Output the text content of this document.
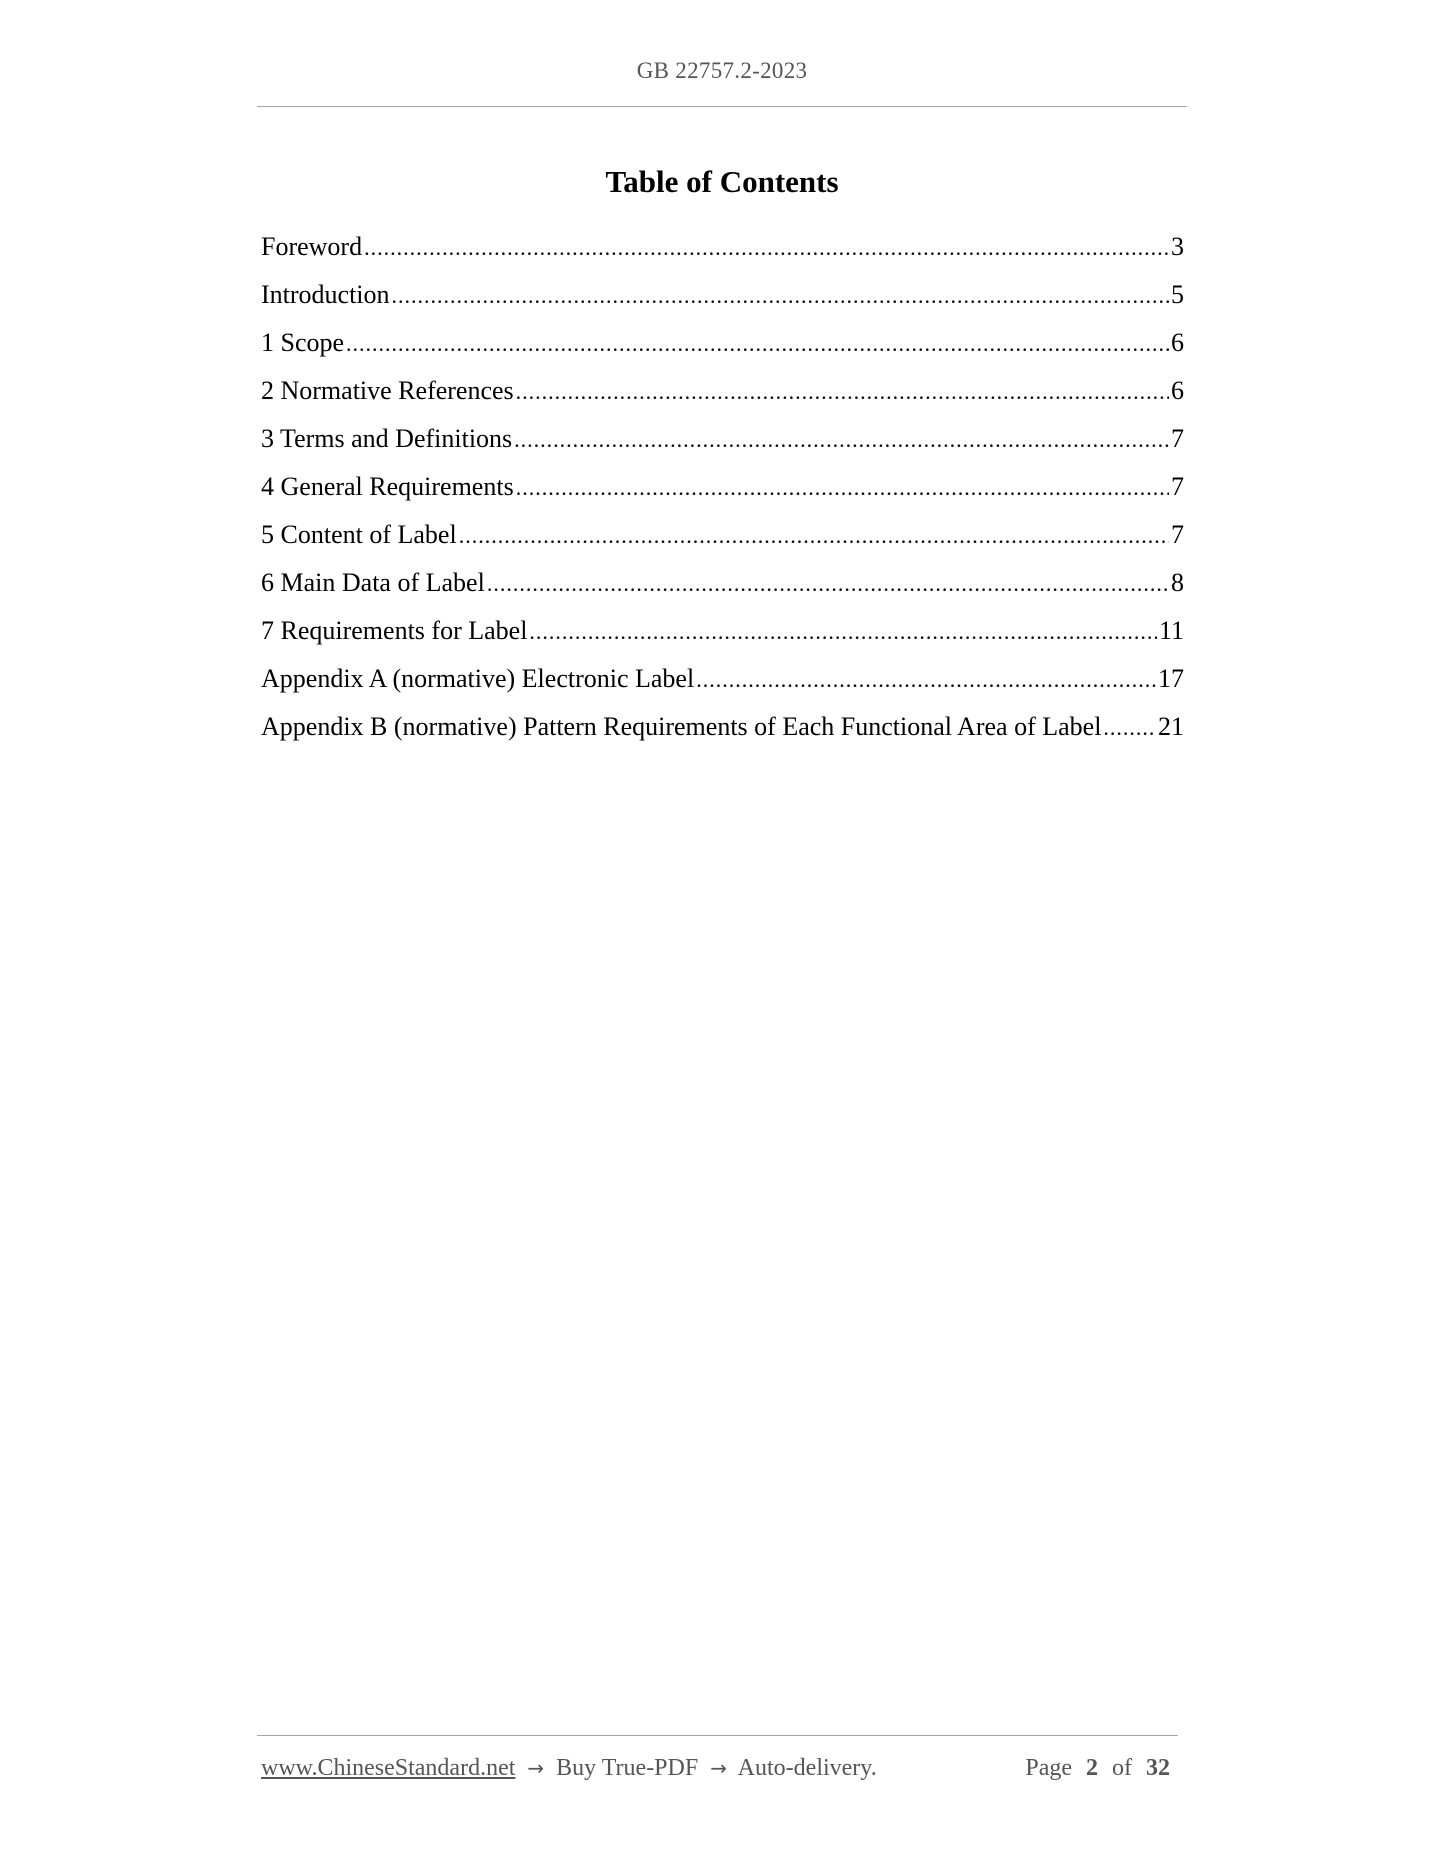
GB 22757.2-2023
Table of Contents
Foreword .....	3
Introduction .....	5
1 Scope .....	6
2 Normative References .....	6
3 Terms and Definitions .....	7
4 General Requirements .....	7
5 Content of Label .....	7
6 Main Data of Label .....	8
7 Requirements for Label .....	11
Appendix A (normative) Electronic Label .....	17
Appendix B (normative) Pattern Requirements of Each Functional Area of Label ..... 21
www.ChineseStandard.net → Buy True-PDF → Auto-delivery.	Page 2 of 32
